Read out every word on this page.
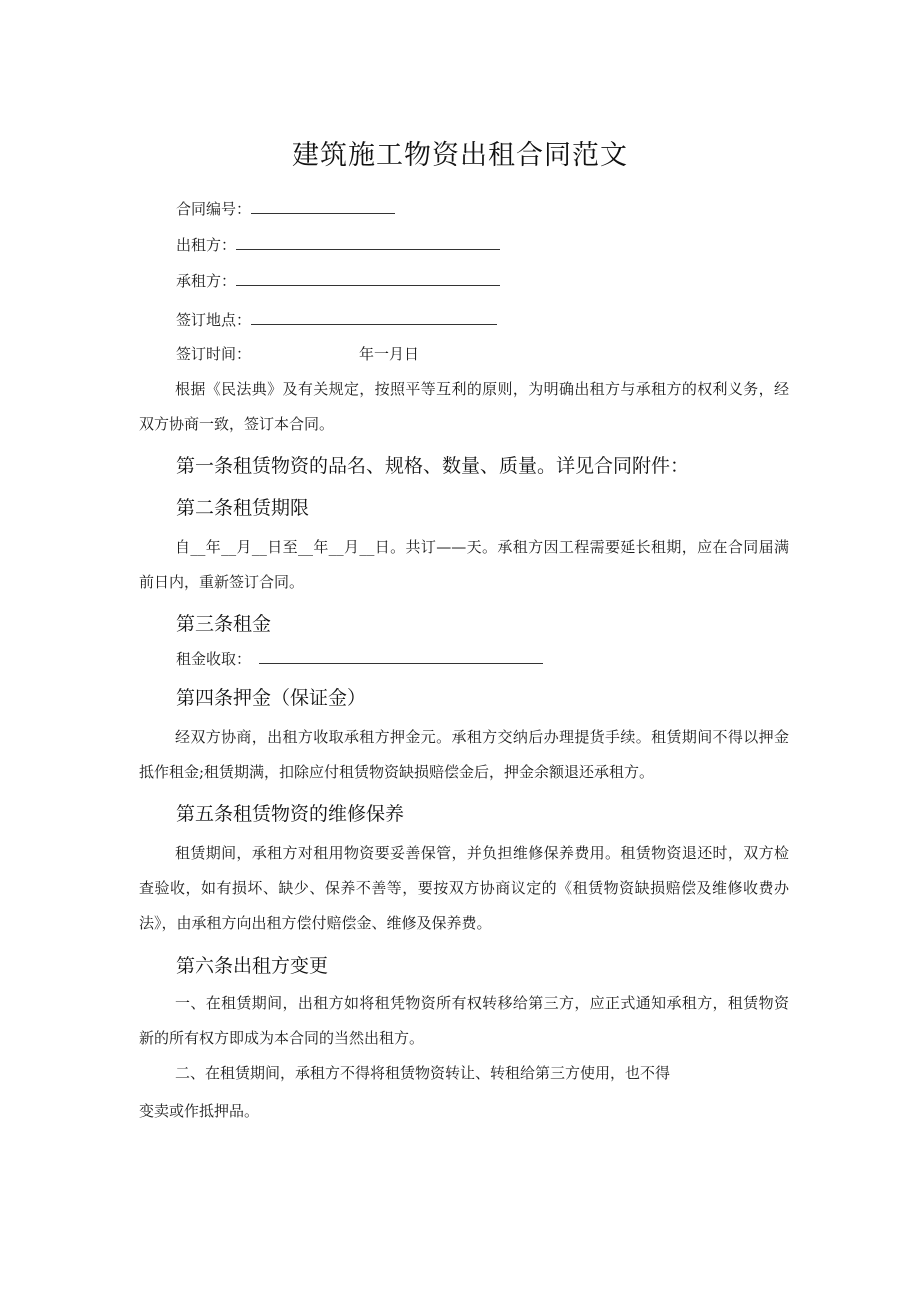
建筑施工物资出租合同范文
合同编号：
出租方：
承租方：
签订地点：
签订时间：	年一月日
根据《民法典》及有关规定，按照平等互利的原则，为明确出租方与承租方的权利义务，经双方协商一致，签订本合同。
第一条租赁物资的品名、规格、数量、质量。详见合同附件：
第二条租赁期限
自__年__月__日至__年__月__日。共订——天。承租方因工程需要延长租期，应在合同届满前日内，重新签订合同。
第三条租金
租金收取：
第四条押金（保证金）
经双方协商，出租方收取承租方押金元。承租方交纳后办理提货手续。租赁期间不得以押金抵作租金;租赁期满，扣除应付租赁物资缺损赔偿金后，押金余额退还承租方。
第五条租赁物资的维修保养
租赁期间，承租方对租用物资要妥善保管，并负担维修保养费用。租赁物资退还时，双方检查验收，如有损坏、缺少、保养不善等，要按双方协商议定的《租赁物资缺损赔偿及维修收费办法》，由承租方向出租方偿付赔偿金、维修及保养费。
第六条出租方变更
一、在租赁期间，出租方如将租凭物资所有权转移给第三方，应正式通知承租方，租赁物资新的所有权方即成为本合同的当然出租方。
二、在租赁期间，承租方不得将租赁物资转让、转租给第三方使用，也不得
变卖或作抵押品。
